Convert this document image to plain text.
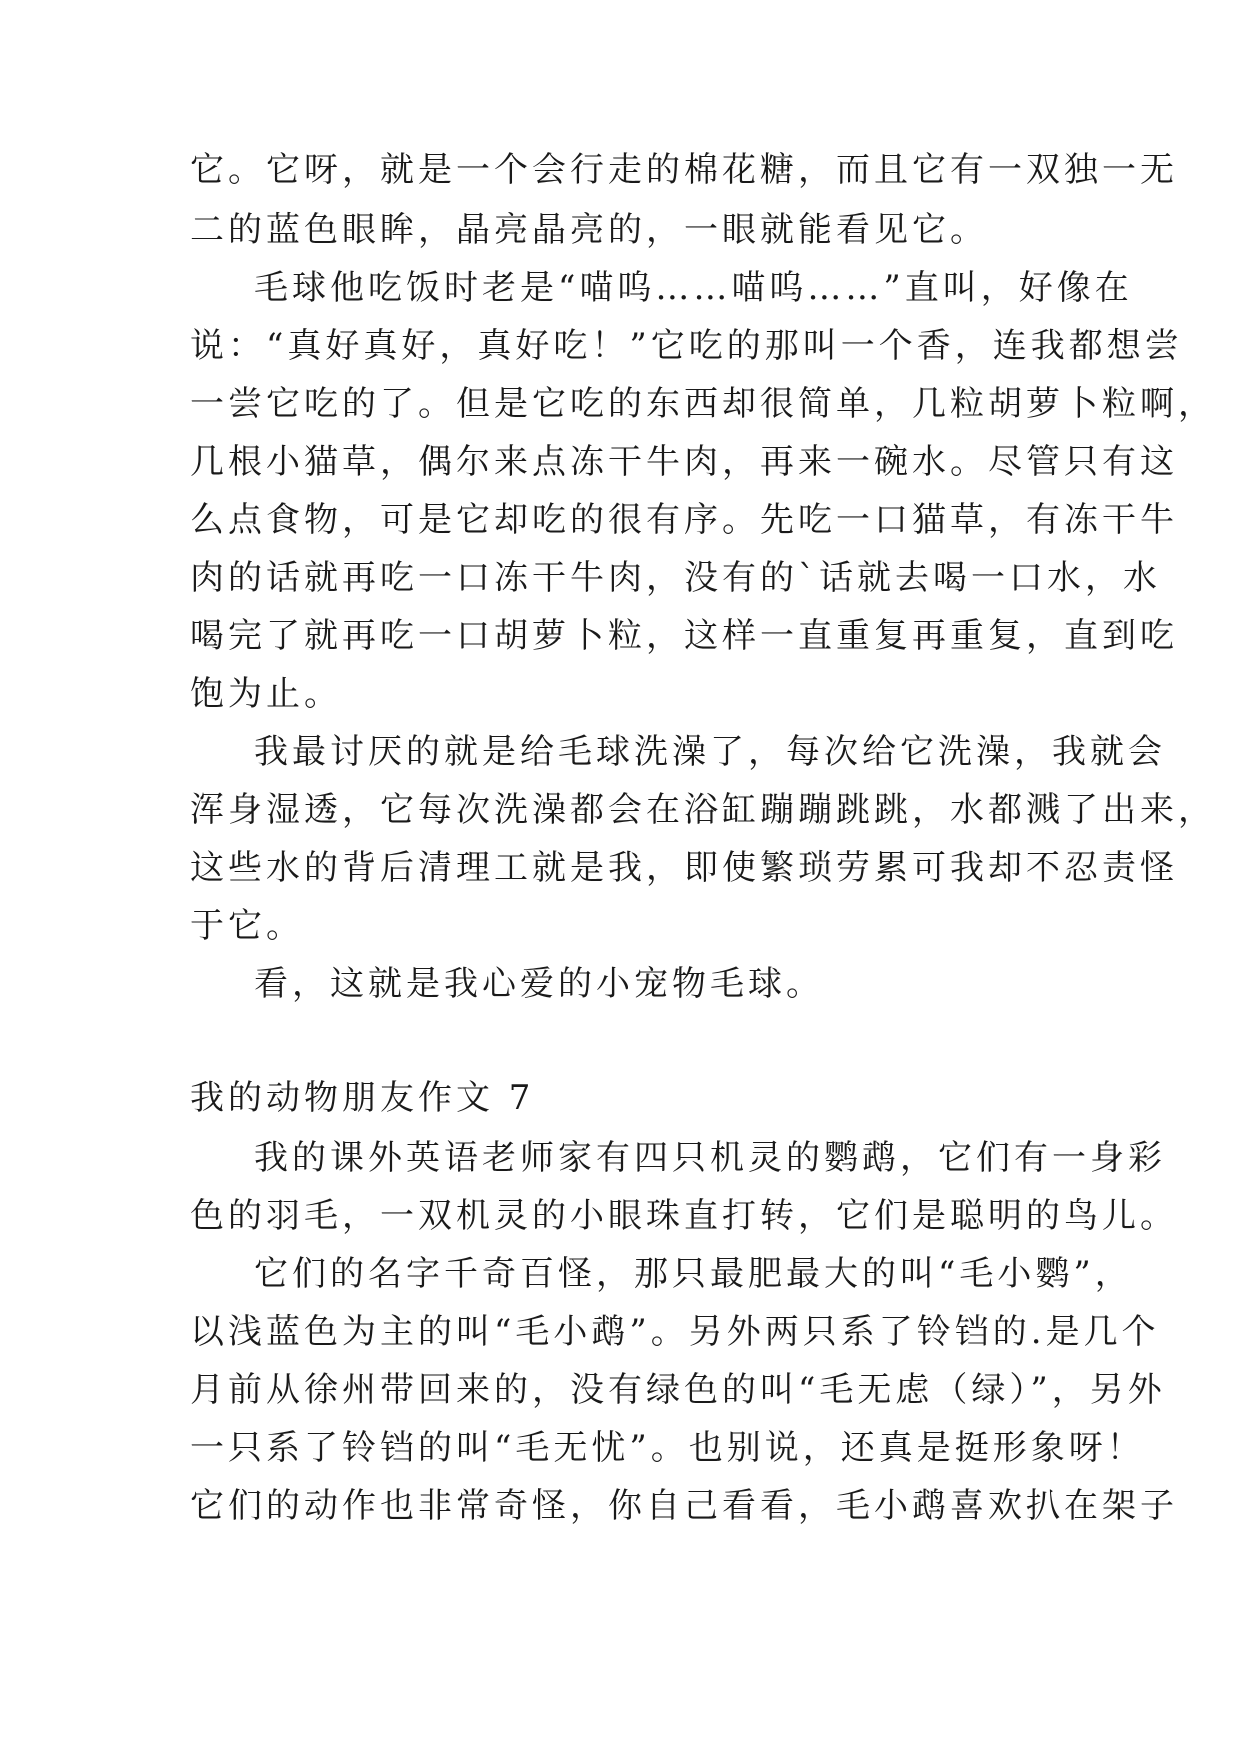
它。它呀，就是一个会行走的棉花糖，而且它有一双独一无
二的蓝色眼眸，晶亮晶亮的，一眼就能看见它。
毛球他吃饭时老是“喵呜……喵呜……”直叫，好像在
说：“真好真好，真好吃！”它吃的那叫一个香，连我都想尝
一尝它吃的了。但是它吃的东西却很简单，几粒胡萝卜粒啊，
几根小猫草，偶尔来点冻干牛肉，再来一碗水。尽管只有这
么点食物，可是它却吃的很有序。先吃一口猫草，有冻干牛
肉的话就再吃一口冻干牛肉，没有的`话就去喝一口水，水
喝完了就再吃一口胡萝卜粒，这样一直重复再重复，直到吃
饱为止。
我最讨厌的就是给毛球洗澡了，每次给它洗澡，我就会
浑身湿透，它每次洗澡都会在浴缸蹦蹦跳跳，水都溅了出来，
这些水的背后清理工就是我，即使繁琐劳累可我却不忍责怪
于它。
看，这就是我心爱的小宠物毛球。
我的动物朋友作文 7
我的课外英语老师家有四只机灵的鹦鹉，它们有一身彩
色的羽毛，一双机灵的小眼珠直打转，它们是聪明的鸟儿。
它们的名字千奇百怪，那只最肥最大的叫“毛小鹦”，
以浅蓝色为主的叫“毛小鹉”。另外两只系了铃铛的.是几个
月前从徐州带回来的，没有绿色的叫“毛无虑（绿）”，另外
一只系了铃铛的叫“毛无忧”。也别说，还真是挺形象呀！
它们的动作也非常奇怪，你自己看看，毛小鹉喜欢扒在架子
